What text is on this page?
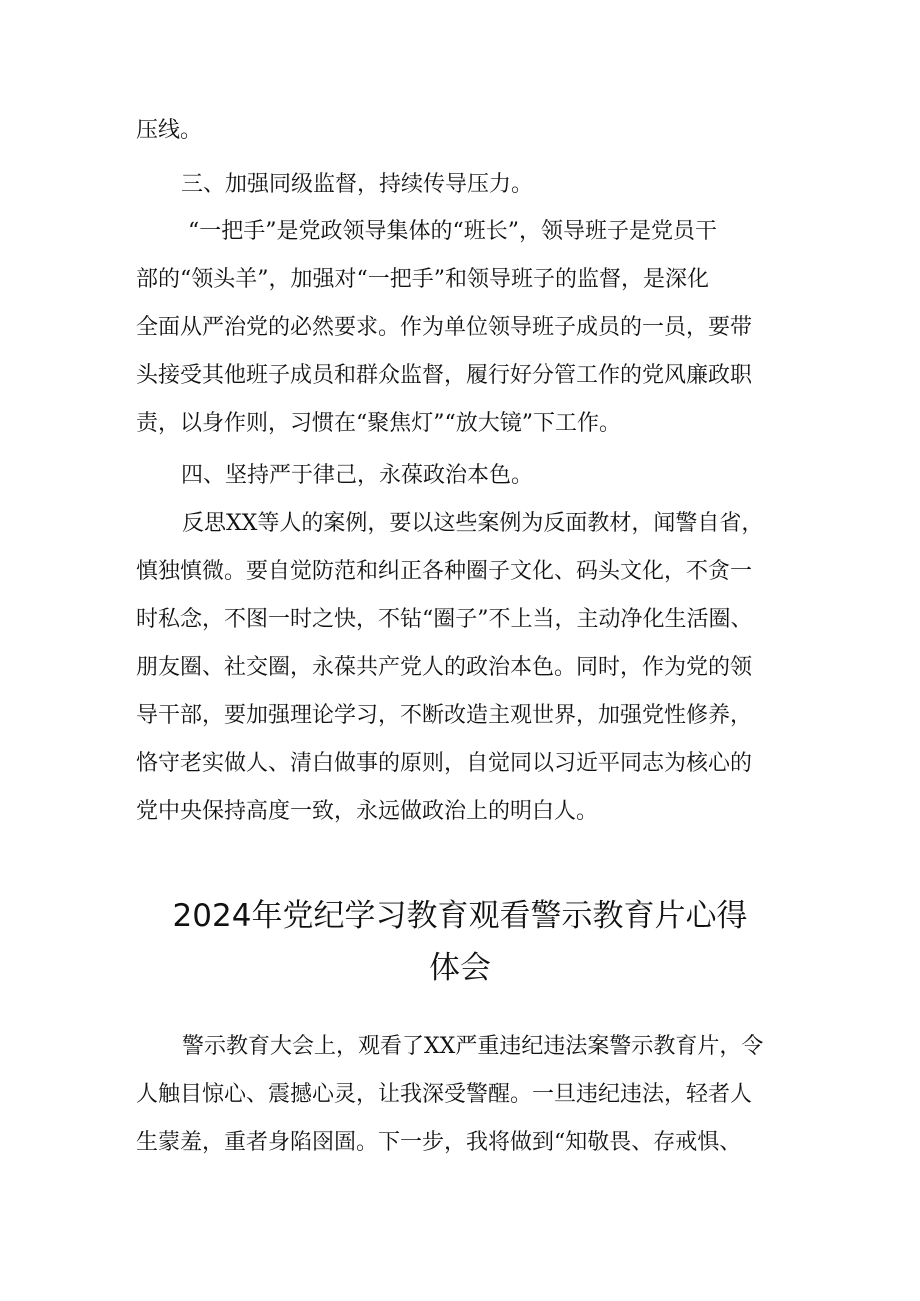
压线。
三、加强同级监督，持续传导压力。
“一把手”是党政领导集体的“班长”，领导班子是党员干
部的“领头羊”，加强对“一把手”和领导班子的监督，是深化
全面从严治党的必然要求。作为单位领导班子成员的一员，要带
头接受其他班子成员和群众监督，履行好分管工作的党风廉政职
责，以身作则，习惯在“聚焦灯”“放大镜”下工作。
四、坚持严于律己，永葆政治本色。
反思XX等人的案例，要以这些案例为反面教材，闻警自省，
慎独慎微。要自觉防范和纠正各种圈子文化、码头文化，不贪一
时私念，不图一时之快，不钻“圈子”不上当，主动净化生活圈、
朋友圈、社交圈，永葆共产党人的政治本色。同时，作为党的领
导干部，要加强理论学习，不断改造主观世界，加强党性修养，
恪守老实做人、清白做事的原则，自觉同以习近平同志为核心的
党中央保持高度一致，永远做政治上的明白人。
2024年党纪学习教育观看警示教育片心得
体会
警示教育大会上，观看了XX严重违纪违法案警示教育片，令
人触目惊心、震撼心灵，让我深受警醒。一旦违纪违法，轻者人
生蒙羞，重者身陷囹圄。下一步，我将做到“知敬畏、存戒惧、
